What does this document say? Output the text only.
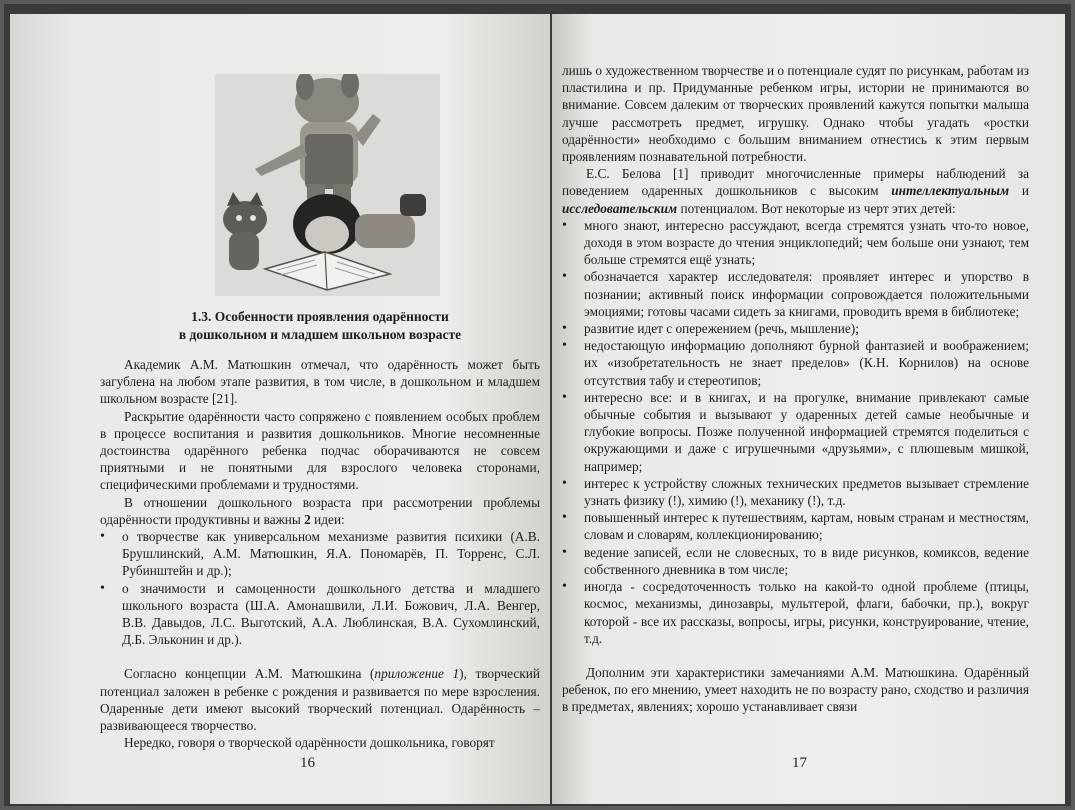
1.3. Особенности проявления одарённости
в дошкольном и младшем школьном возрасте

Академик А.М. Матюшкин отмечал, что одарённость может быть загублена на любом этапе развития, в том числе, в дошкольном и младшем школьном возрасте [21].

Раскрытие одарённости часто сопряжено с появлением особых проблем в процессе воспитания и развития дошкольников. Многие несомненные достоинства одарённого ребенка подчас оборачиваются не совсем приятными и не понятными для взрослого человека сторонами, специфическими проблемами и трудностями.

В отношении дошкольного возраста при рассмотрении проблемы одарённости продуктивны и важны 2 идеи:

• о творчестве как универсальном механизме развития психики (А.В. Брушлинский, А.М. Матюшкин, Я.А. Пономарёв, П. Торренс, С.Л. Рубинштейн и др.);
• о значимости и самоценности дошкольного детства и младшего школьного возраста (Ш.А. Амонашвили, Л.И. Божович, Л.А. Венгер, В.В. Давыдов, Л.С. Выготский, А.А. Люблинская, В.А. Сухомлинский, Д.Б. Эльконин и др.).

Согласно концепции А.М. Матюшкина (приложение 1), творческий потенциал заложен в ребенке с рождения и развивается по мере взросления. Одаренные дети имеют высокий творческий потенциал. Одарённость – развивающееся творчество.

Нередко, говоря о творческой одарённости дошкольника, говорят

16

лишь о художественном творчестве и о потенциале судят по рисункам, работам из пластилина и пр. Придуманные ребенком игры, истории не принимаются во внимание. Совсем далеким от творческих проявлений кажутся попытки малыша лучше рассмотреть предмет, игрушку. Однако чтобы угадать «ростки одарённости» необходимо с большим вниманием отнестись к этим первым проявлениям познавательной потребности.

Е.С. Белова [1] приводит многочисленные примеры наблюдений за поведением одаренных дошкольников с высоким интеллектуальным и исследовательским потенциалом. Вот некоторые из черт этих детей:

• много знают, интересно рассуждают, всегда стремятся узнать что-то новое, доходя в этом возрасте до чтения энциклопедий; чем больше они узнают, тем больше стремятся ещё узнать;
• обозначается характер исследователя: проявляет интерес и упорство в познании; активный поиск информации сопровождается положительными эмоциями; готовы часами сидеть за книгами, проводить время в библиотеке;
• развитие идет с опережением (речь, мышление);
• недостающую информацию дополняют бурной фантазией и воображением; их «изобретательность не знает пределов» (К.Н. Корнилов) на основе отсутствия табу и стереотипов;
• интересно все: и в книгах, и на прогулке, внимание привлекают самые обычные события и вызывают у одаренных детей самые необычные и глубокие вопросы. Позже полученной информацией стремятся поделиться с окружающими и даже с игрушечными «друзьями», с плюшевым мишкой, например;
• интерес к устройству сложных технических предметов вызывает стремление узнать физику (!), химию (!), механику (!), т.д.
• повышенный интерес к путешествиям, картам, новым странам и местностям, словам и словарям, коллекционированию;
• ведение записей, если не словесных, то в виде рисунков, комиксов, ведение собственного дневника в том числе;
• иногда - сосредоточенность только на какой-то одной проблеме (птицы, космос, механизмы, динозавры, мультгерой, флаги, бабочки, пр.), вокруг которой - все их рассказы, вопросы, игры, рисунки, конструирование, чтение, т.д.

Дополним эти характеристики замечаниями А.М. Матюшкина. Одарённый ребенок, по его мнению, умеет находить не по возрасту рано, сходство и различия в предметах, явлениях; хорошо устанавливает связи

17
